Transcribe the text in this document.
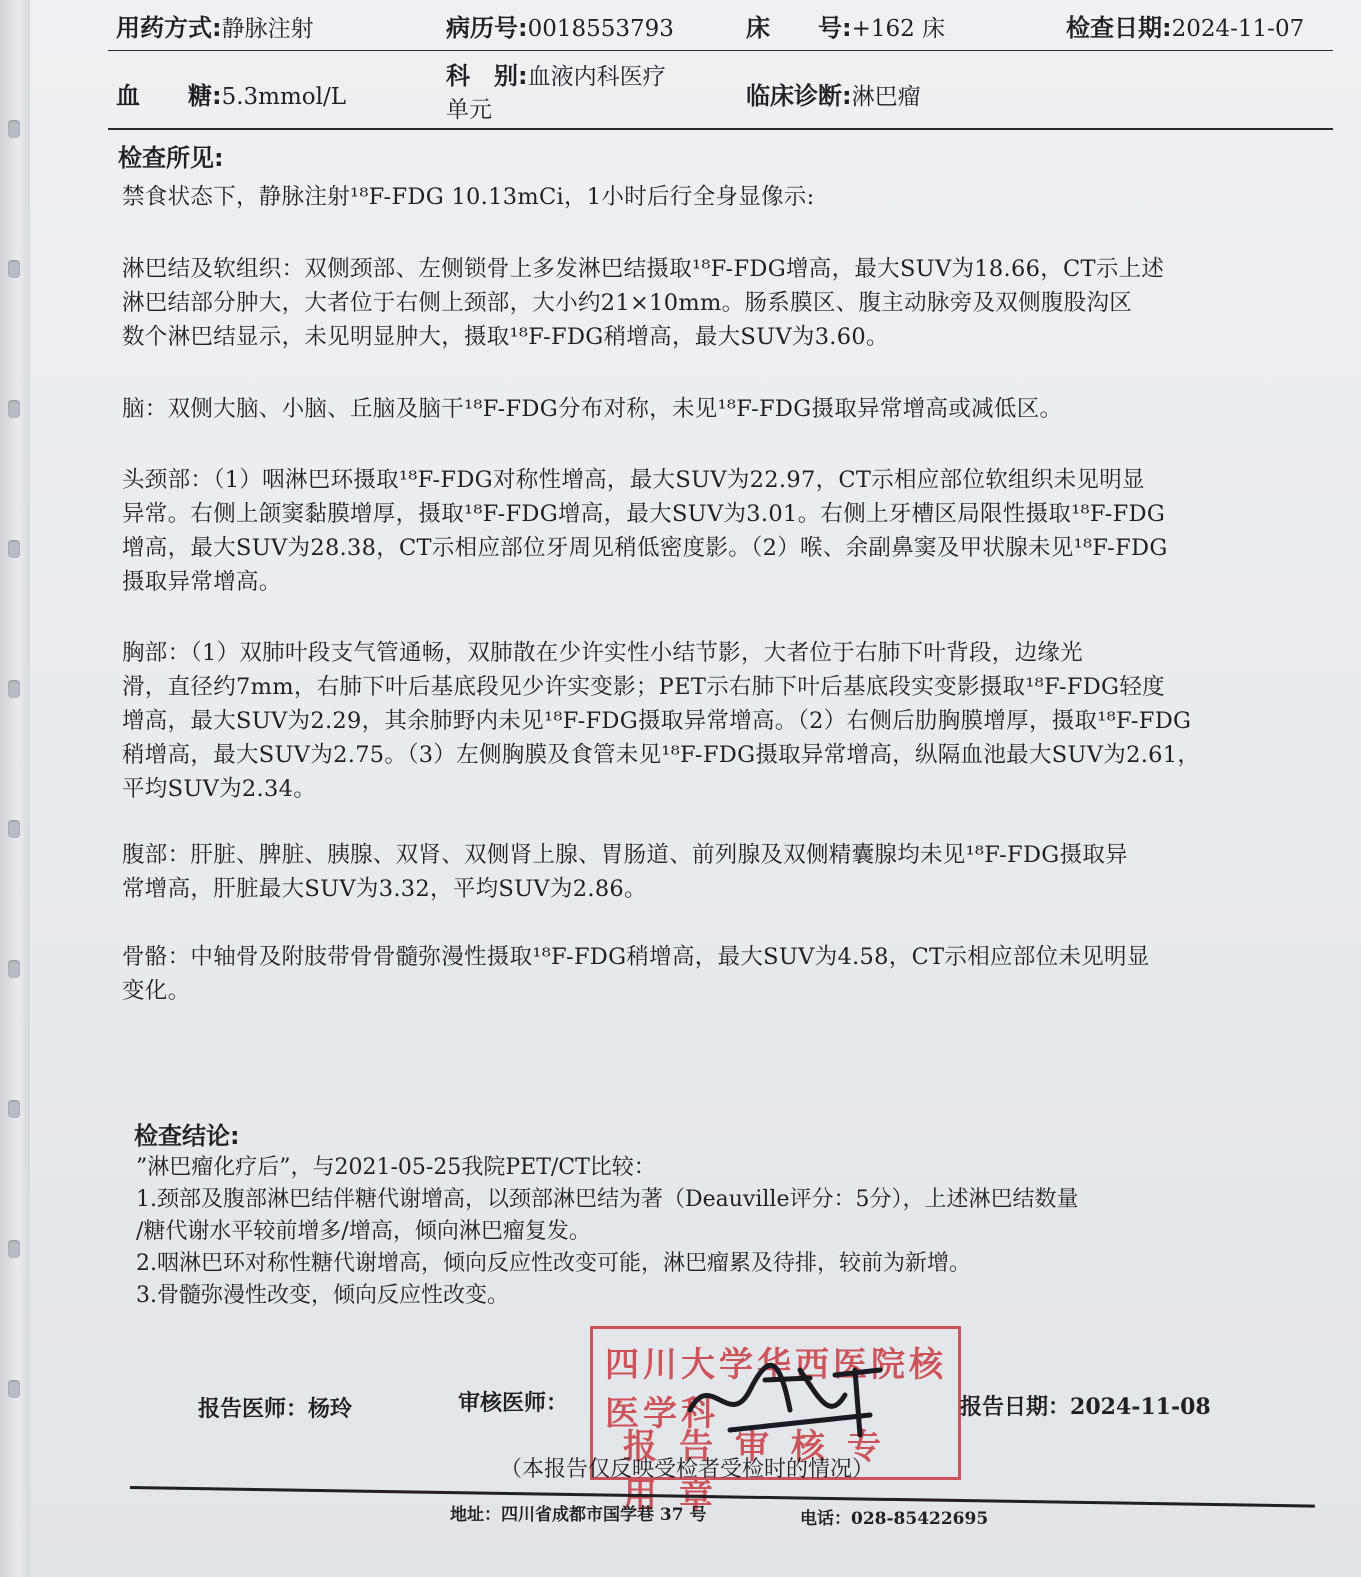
用药方式:静脉注射	病历号:0018553793	床　　号:+162 床	检查日期:2024-11-07
血　　糖:5.3mmol/L
科　别:血液内科医疗
单元	临床诊断:淋巴瘤
检查所见:
禁食状态下，静脉注射¹⁸F-FDG 10.13mCi，1小时后行全身显像示:
淋巴结及软组织：双侧颈部、左侧锁骨上多发淋巴结摄取¹⁸F-FDG增高，最大SUV为18.66，CT示上述
淋巴结部分肿大，大者位于右侧上颈部，大小约21×10mm。肠系膜区、腹主动脉旁及双侧腹股沟区
数个淋巴结显示，未见明显肿大，摄取¹⁸F-FDG稍增高，最大SUV为3.60。
脑：双侧大脑、小脑、丘脑及脑干¹⁸F-FDG分布对称，未见¹⁸F-FDG摄取异常增高或减低区。
头颈部：（1）咽淋巴环摄取¹⁸F-FDG对称性增高，最大SUV为22.97，CT示相应部位软组织未见明显
异常。右侧上颌窦黏膜增厚，摄取¹⁸F-FDG增高，最大SUV为3.01。右侧上牙槽区局限性摄取¹⁸F-FDG
增高，最大SUV为28.38，CT示相应部位牙周见稍低密度影。（2）喉、余副鼻窦及甲状腺未见¹⁸F-FDG
摄取异常增高。
胸部：（1）双肺叶段支气管通畅，双肺散在少许实性小结节影，大者位于右肺下叶背段，边缘光
滑，直径约7mm，右肺下叶后基底段见少许实变影；PET示右肺下叶后基底段实变影摄取¹⁸F-FDG轻度
增高，最大SUV为2.29，其余肺野内未见¹⁸F-FDG摄取异常增高。（2）右侧后肋胸膜增厚，摄取¹⁸F-FDG
稍增高，最大SUV为2.75。（3）左侧胸膜及食管未见¹⁸F-FDG摄取异常增高，纵隔血池最大SUV为2.61，
平均SUV为2.34。
腹部：肝脏、脾脏、胰腺、双肾、双侧肾上腺、胃肠道、前列腺及双侧精囊腺均未见¹⁸F-FDG摄取异
常增高，肝脏最大SUV为3.32，平均SUV为2.86。
骨骼：中轴骨及附肢带骨骨髓弥漫性摄取¹⁸F-FDG稍增高，最大SUV为4.58，CT示相应部位未见明显
变化。
检查结论:
”淋巴瘤化疗后”，与2021-05-25我院PET/CT比较：
1.颈部及腹部淋巴结伴糖代谢增高，以颈部淋巴结为著（Deauville评分：5分），上述淋巴结数量
/糖代谢水平较前增多/增高，倾向淋巴瘤复发。
2.咽淋巴环对称性糖代谢增高，倾向反应性改变可能，淋巴瘤累及待排，较前为新增。
3.骨髓弥漫性改变，倾向反应性改变。
报告医师：杨玲	审核医师：
四川大学华西医院核医学科
报告审核专
报告日期：2024-11-08
（本报告仅反映受检者受检时的情况）
地址：四川省成都市国学巷 37 号	电话：028-85422695
